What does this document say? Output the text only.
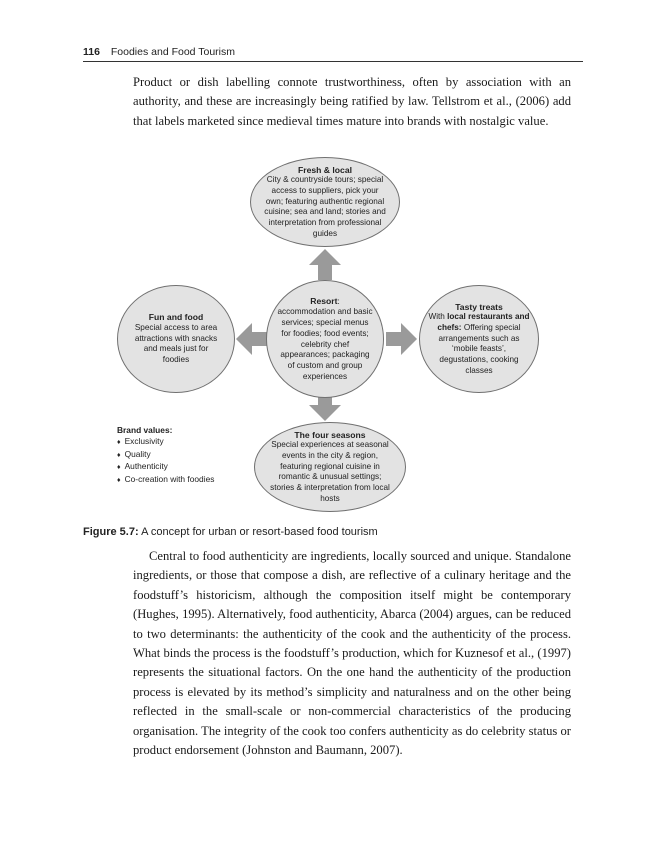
116 Foodies and Food Tourism

Product or dish labelling connote trustworthiness, often by association with an authority, and these are increasingly being ratified by law. Tellstrom et al., (2006) add that labels marketed since medieval times mature into brands with nostalgic value.

Fresh & local
City & countryside tours; special access to suppliers, pick your own; featuring authentic regional cuisine; sea and land; stories and interpretation from professional guides
Resort:
accommodation and basic services; special menus for foodies; food events; celebrity chef appearances; packaging of custom and group experiences
Fun and food
Special access to area attractions with snacks and meals just for foodies
Tasty treats
With local restaurants and chefs: Offering special arrangements such as ‘mobile feasts’, degustations, cooking classes
The four seasons
Special experiences at seasonal events in the city & region, featuring regional cuisine in romantic & unusual settings; stories & interpretation from local hosts
Brand values:
♦ Exclusivity
♦ Quality
♦ Authenticity
♦ Co-creation with foodies
Figure 5.7: A concept for urban or resort-based food tourism

Central to food authenticity are ingredients, locally sourced and unique. Standalone ingredients, or those that compose a dish, are reflective of a culinary heritage and the foodstuff’s historicism, although the composition itself might be contemporary (Hughes, 1995). Alternatively, food authenticity, Abarca (2004) argues, can be reduced to two determinants: the authenticity of the cook and the authenticity of the process. What binds the process is the foodstuff’s production, which for Kuznesof et al., (1997) represents the situational factors. On the one hand the authenticity of the production process is elevated by its method’s simplicity and naturalness and on the other being reflected in the small-scale or non-commercial characteristics of the producing organisation. The integrity of the cook too confers authenticity as do celebrity status or product endorsement (Johnston and Baumann, 2007).
